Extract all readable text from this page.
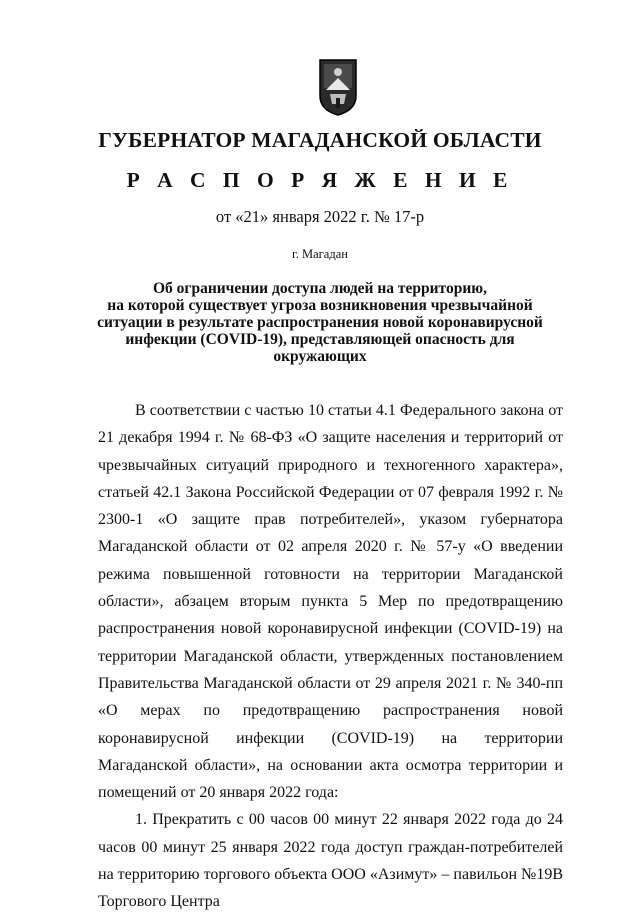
ГУБЕРНАТОР МАГАДАНСКОЙ ОБЛАСТИ
Р А С П О Р Я Ж Е Н И Е
от «21» января 2022 г. № 17-р
г. Магадан
Об ограничении доступа людей на территорию,
на которой существует угроза возникновения чрезвычайной
ситуации в результате распространения новой коронавирусной
инфекции (COVID-19), представляющей опасность для окружающих

В соответствии с частью 10 статьи 4.1 Федерального закона от 21 декабря 1994 г. № 68-ФЗ «О защите населения и территорий от чрезвычайных ситуаций природного и техногенного характера», статьей 42.1 Закона Российской Федерации от 07 февраля 1992 г. № 2300-1 «О защите прав потребителей», указом губернатора Магаданской области от 02 апреля 2020 г. № 57-у «О введении режима повышенной готовности на территории Магаданской области», абзацем вторым пункта 5 Мер по предотвращению распространения новой коронавирусной инфекции (COVID-19) на территории Магаданской области, утвержденных постановлением Правительства Магаданской области от 29 апреля 2021 г. № 340-пп «О мерах по предотвращению распространения новой коронавирусной инфекции (COVID-19) на территории Магаданской области», на основании акта осмотра территории и помещений от 20 января 2022 года:

1. Прекратить с 00 часов 00 минут 22 января 2022 года до 24 часов 00 минут 25 января 2022 года доступ граждан-потребителей на территорию торгового объекта ООО «Азимут» – павильон №19В Торгового Центра
